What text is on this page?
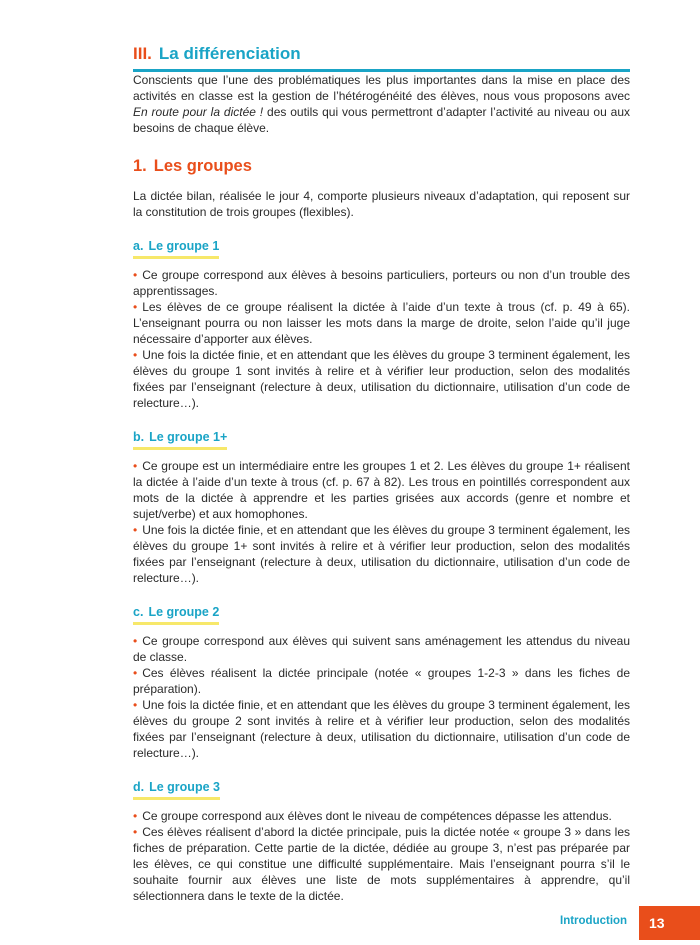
III. La différenciation

Conscients que l’une des problématiques les plus importantes dans la mise en place des activités en classe est la gestion de l’hétérogénéité des élèves, nous vous proposons avec En route pour la dictée ! des outils qui vous permettront d’adapter l’activité au niveau ou aux besoins de chaque élève.

1. Les groupes

La dictée bilan, réalisée le jour 4, comporte plusieurs niveaux d’adaptation, qui reposent sur la constitution de trois groupes (flexibles).

a. Le groupe 1

• Ce groupe correspond aux élèves à besoins particuliers, porteurs ou non d’un trouble des apprentissages.

• Les élèves de ce groupe réalisent la dictée à l’aide d’un texte à trous (cf. p. 49 à 65). L’enseignant pourra ou non laisser les mots dans la marge de droite, selon l’aide qu’il juge nécessaire d’apporter aux élèves.

• Une fois la dictée finie, et en attendant que les élèves du groupe 3 terminent également, les élèves du groupe 1 sont invités à relire et à vérifier leur production, selon des modalités fixées par l’enseignant (relecture à deux, utilisation du dictionnaire, utilisation d’un code de relecture…).

b. Le groupe 1+

• Ce groupe est un intermédiaire entre les groupes 1 et 2. Les élèves du groupe 1+ réalisent la dictée à l’aide d’un texte à trous (cf. p. 67 à 82). Les trous en pointillés correspondent aux mots de la dictée à apprendre et les parties grisées aux accords (genre et nombre et sujet/verbe) et aux homophones.

• Une fois la dictée finie, et en attendant que les élèves du groupe 3 terminent également, les élèves du groupe 1+ sont invités à relire et à vérifier leur production, selon des modalités fixées par l’enseignant (relecture à deux, utilisation du dictionnaire, utilisation d’un code de relecture…).

c. Le groupe 2

• Ce groupe correspond aux élèves qui suivent sans aménagement les attendus du niveau de classe.

• Ces élèves réalisent la dictée principale (notée « groupes 1-2-3 » dans les fiches de préparation).

• Une fois la dictée finie, et en attendant que les élèves du groupe 3 terminent également, les élèves du groupe 2 sont invités à relire et à vérifier leur production, selon des modalités fixées par l’enseignant (relecture à deux, utilisation du dictionnaire, utilisation d’un code de relecture…).

d. Le groupe 3

• Ce groupe correspond aux élèves dont le niveau de compétences dépasse les attendus.

• Ces élèves réalisent d’abord la dictée principale, puis la dictée notée « groupe 3 » dans les fiches de préparation. Cette partie de la dictée, dédiée au groupe 3, n’est pas préparée par les élèves, ce qui constitue une difficulté supplémentaire. Mais l’enseignant pourra s’il le souhaite fournir aux élèves une liste de mots supplémentaires à apprendre, qu’il sélectionnera dans le texte de la dictée.

Introduction	13
